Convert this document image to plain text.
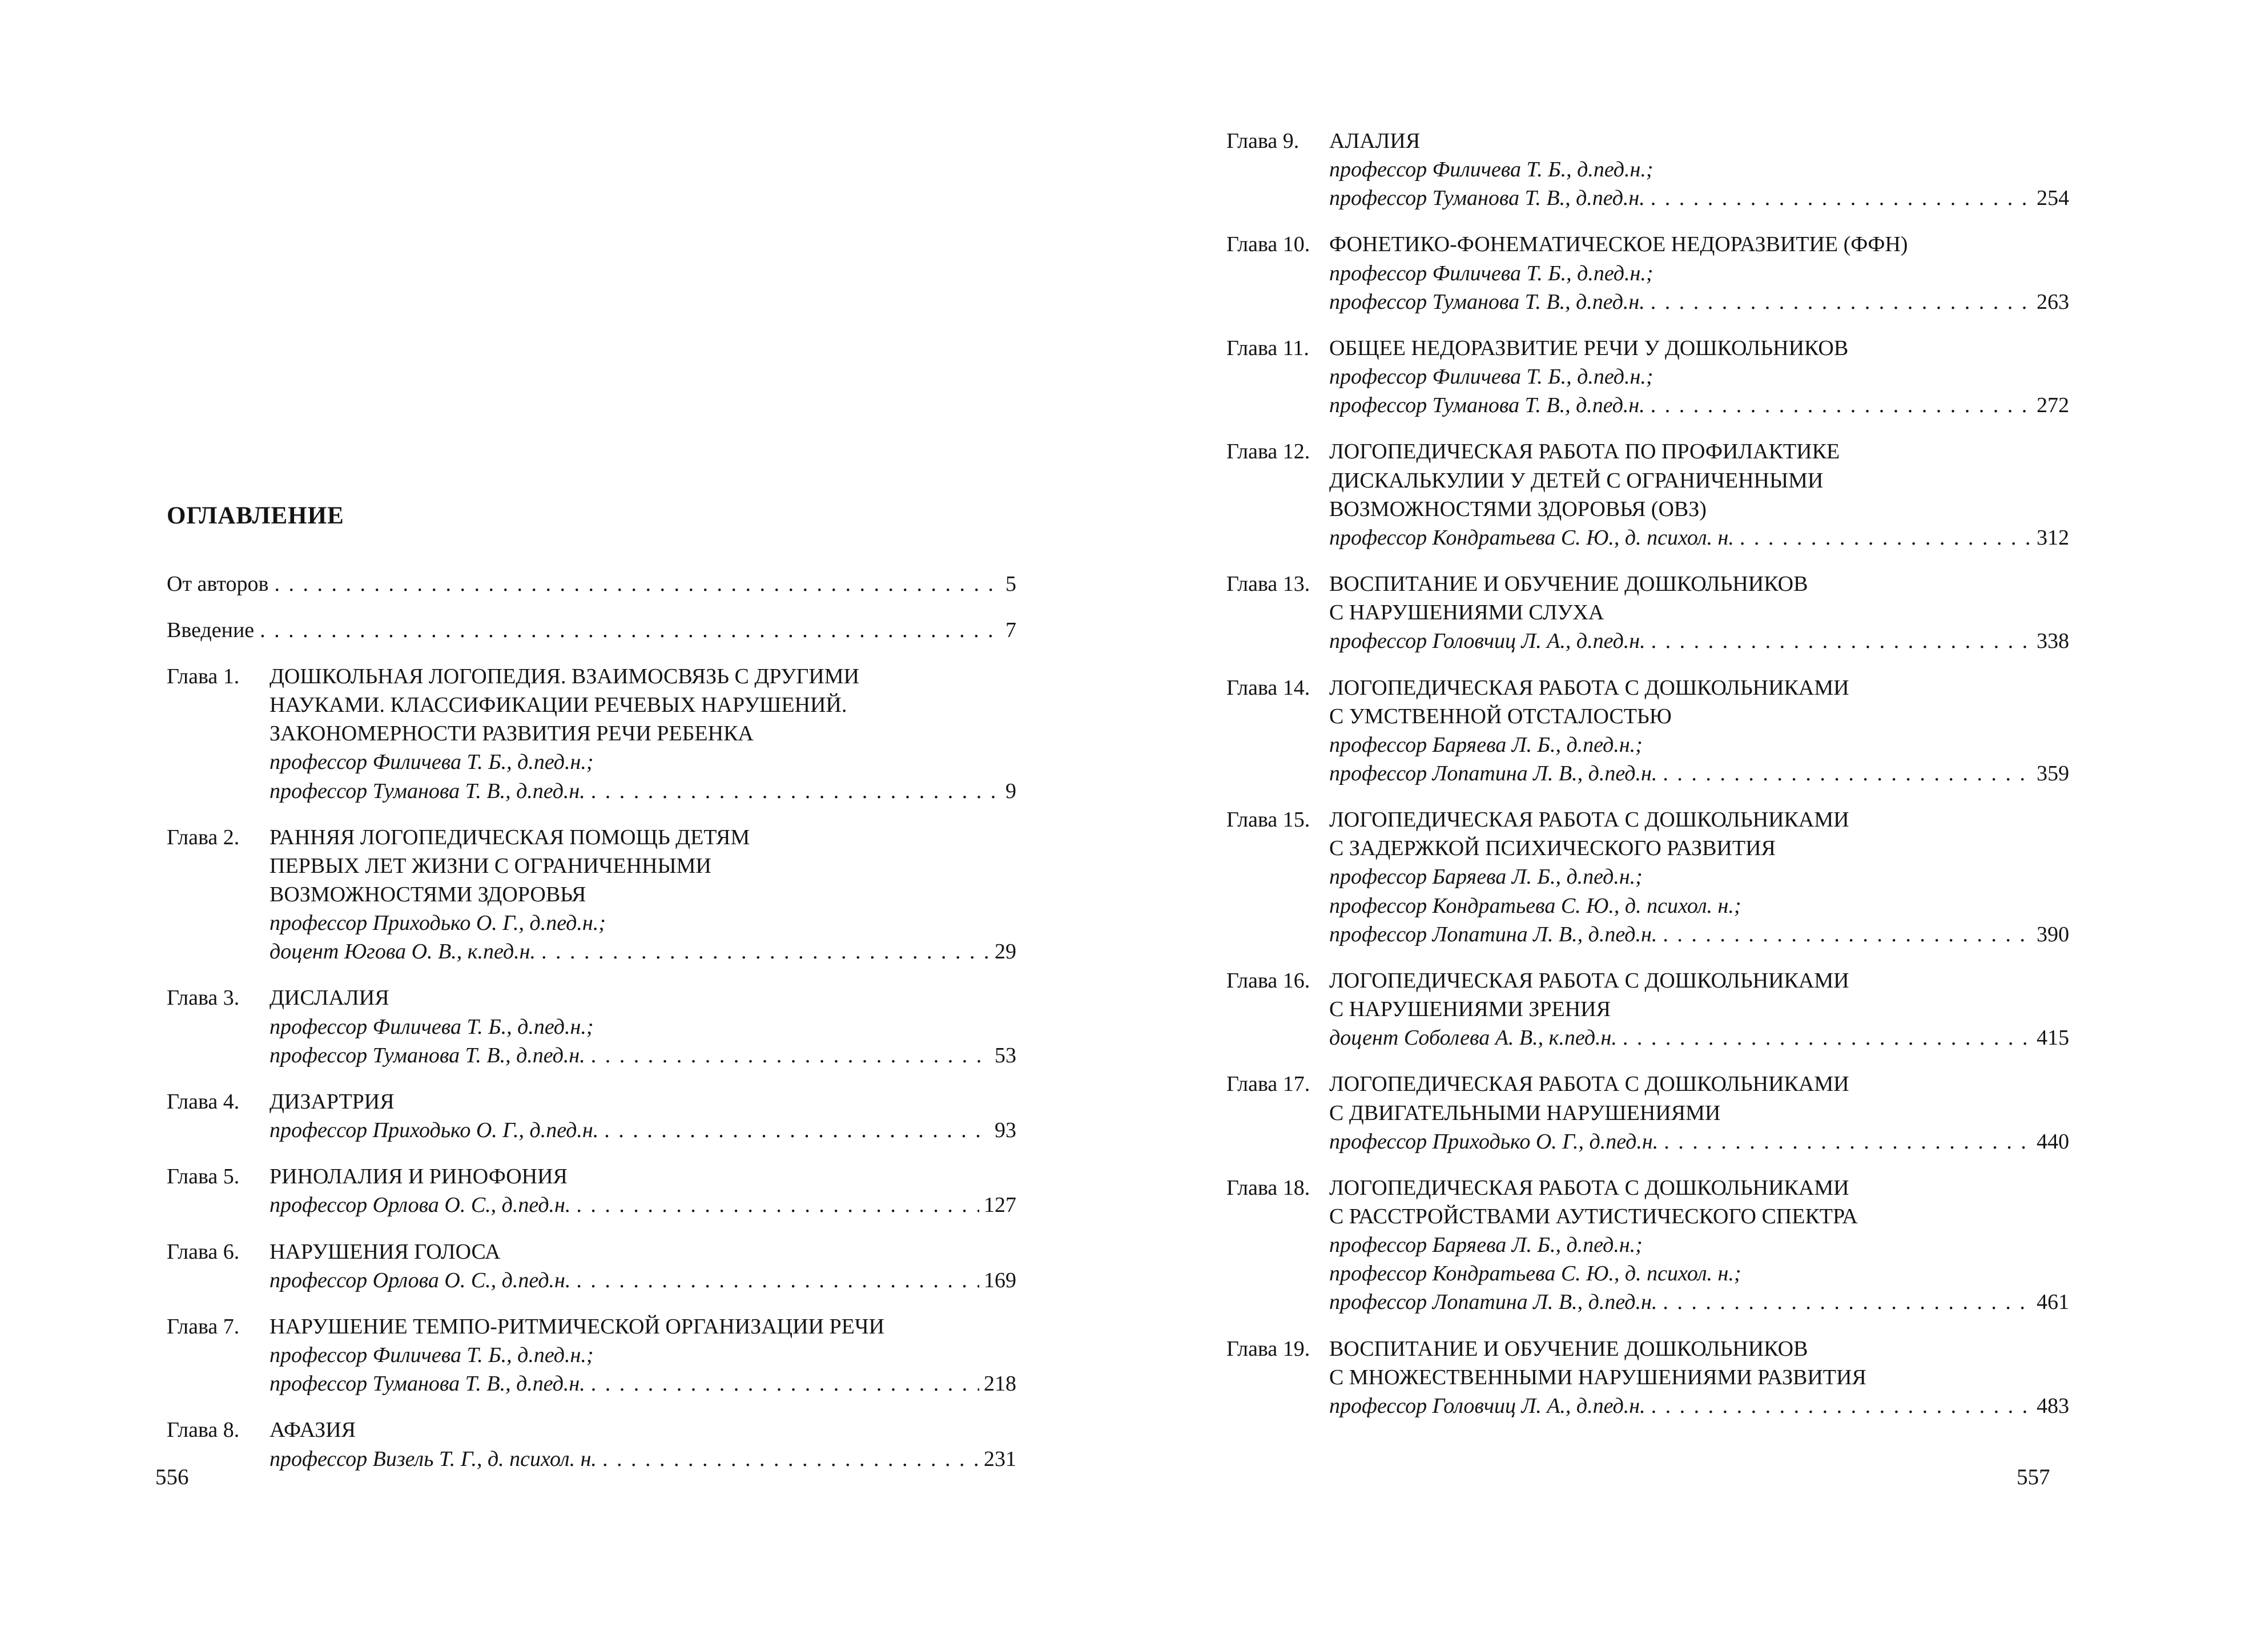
ОГЛАВЛЕНИЕ
От авторов . . .	5
Введение . . .	7
Глава 1.	ДОШКОЛЬНАЯ ЛОГОПЕДИЯ. ВЗАИМОСВЯЗЬ С ДРУГИМИ
НАУКАМИ. КЛАССИФИКАЦИИ РЕЧЕВЫХ НАРУШЕНИЙ.
ЗАКОНОМЕРНОСТИ РАЗВИТИЯ РЕЧИ РЕБЕНКА
профессор Филичева Т. Б., д.пед.н.;
профессор Туманова Т. В., д.пед.н. . . .	9
Глава 2.	РАННЯЯ ЛОГОПЕДИЧЕСКАЯ ПОМОЩЬ ДЕТЯМ
ПЕРВЫХ ЛЕТ ЖИЗНИ С ОГРАНИЧЕННЫМИ
ВОЗМОЖНОСТЯМИ ЗДОРОВЬЯ
профессор Приходько О. Г., д.пед.н.;
доцент Югова О. В., к.пед.н. . . .	29
Глава 3.	ДИСЛАЛИЯ
профессор Филичева Т. Б., д.пед.н.;
профессор Туманова Т. В., д.пед.н. . . .	53
Глава 4.	ДИЗАРТРИЯ
профессор Приходько О. Г., д.пед.н. . . .	93
Глава 5.	РИНОЛАЛИЯ И РИНОФОНИЯ
профессор Орлова О. С., д.пед.н. . . .	127
Глава 6.	НАРУШЕНИЯ ГОЛОСА
профессор Орлова О. С., д.пед.н. . . .	169
Глава 7.	НАРУШЕНИЕ ТЕМПО-РИТМИЧЕСКОЙ ОРГАНИЗАЦИИ РЕЧИ
профессор Филичева Т. Б., д.пед.н.;
профессор Туманова Т. В., д.пед.н. . . .	218
Глава 8.	АФАЗИЯ
профессор Визель Т. Г., д. психол. н. . . .	231
Глава 9.	АЛАЛИЯ
профессор Филичева Т. Б., д.пед.н.;
профессор Туманова Т. В., д.пед.н. . . .	254
Глава 10. ФОНЕТИКО-ФОНЕМАТИЧЕСКОЕ НЕДОРАЗВИТИЕ (ФФН)
профессор Филичева Т. Б., д.пед.н.;
профессор Туманова Т. В., д.пед.н. . . .	263
Глава 11. ОБЩЕЕ НЕДОРАЗВИТИЕ РЕЧИ У ДОШКОЛЬНИКОВ
профессор Филичева Т. Б., д.пед.н.;
профессор Туманова Т. В., д.пед.н. . . .	272
Глава 12. ЛОГОПЕДИЧЕСКАЯ РАБОТА ПО ПРОФИЛАКТИКЕ
ДИСКАЛЬКУЛИИ У ДЕТЕЙ С ОГРАНИЧЕННЫМИ
ВОЗМОЖНОСТЯМИ ЗДОРОВЬЯ (ОВЗ)
профессор Кондратьева С. Ю., д. психол. н. . . .	312
Глава 13. ВОСПИТАНИЕ И ОБУЧЕНИЕ ДОШКОЛЬНИКОВ
С НАРУШЕНИЯМИ СЛУХА
профессор Головчиц Л. А., д.пед.н. . . .	338
Глава 14. ЛОГОПЕДИЧЕСКАЯ РАБОТА С ДОШКОЛЬНИКАМИ
С УМСТВЕННОЙ ОТСТАЛОСТЬЮ
профессор Баряева Л. Б., д.пед.н.;
профессор Лопатина Л. В., д.пед.н. . . .	359
Глава 15. ЛОГОПЕДИЧЕСКАЯ РАБОТА С ДОШКОЛЬНИКАМИ
С ЗАДЕРЖКОЙ ПСИХИЧЕСКОГО РАЗВИТИЯ
профессор Баряева Л. Б., д.пед.н.;
профессор Кондратьева С. Ю., д. психол. н.;
профессор Лопатина Л. В., д.пед.н. . . .	390
Глава 16. ЛОГОПЕДИЧЕСКАЯ РАБОТА С ДОШКОЛЬНИКАМИ
С НАРУШЕНИЯМИ ЗРЕНИЯ
доцент Соболева А. В., к.пед.н. . . .	415
Глава 17. ЛОГОПЕДИЧЕСКАЯ РАБОТА С ДОШКОЛЬНИКАМИ
С ДВИГАТЕЛЬНЫМИ НАРУШЕНИЯМИ
профессор Приходько О. Г., д.пед.н. . . .	440
Глава 18. ЛОГОПЕДИЧЕСКАЯ РАБОТА С ДОШКОЛЬНИКАМИ
С РАССТРОЙСТВАМИ АУТИСТИЧЕСКОГО СПЕКТРА
профессор Баряева Л. Б., д.пед.н.;
профессор Кондратьева С. Ю., д. психол. н.;
профессор Лопатина Л. В., д.пед.н. . . .	461
Глава 19. ВОСПИТАНИЕ И ОБУЧЕНИЕ ДОШКОЛЬНИКОВ
С МНОЖЕСТВЕННЫМИ НАРУШЕНИЯМИ РАЗВИТИЯ
профессор Головчиц Л. А., д.пед.н. . . .	483
556	557
